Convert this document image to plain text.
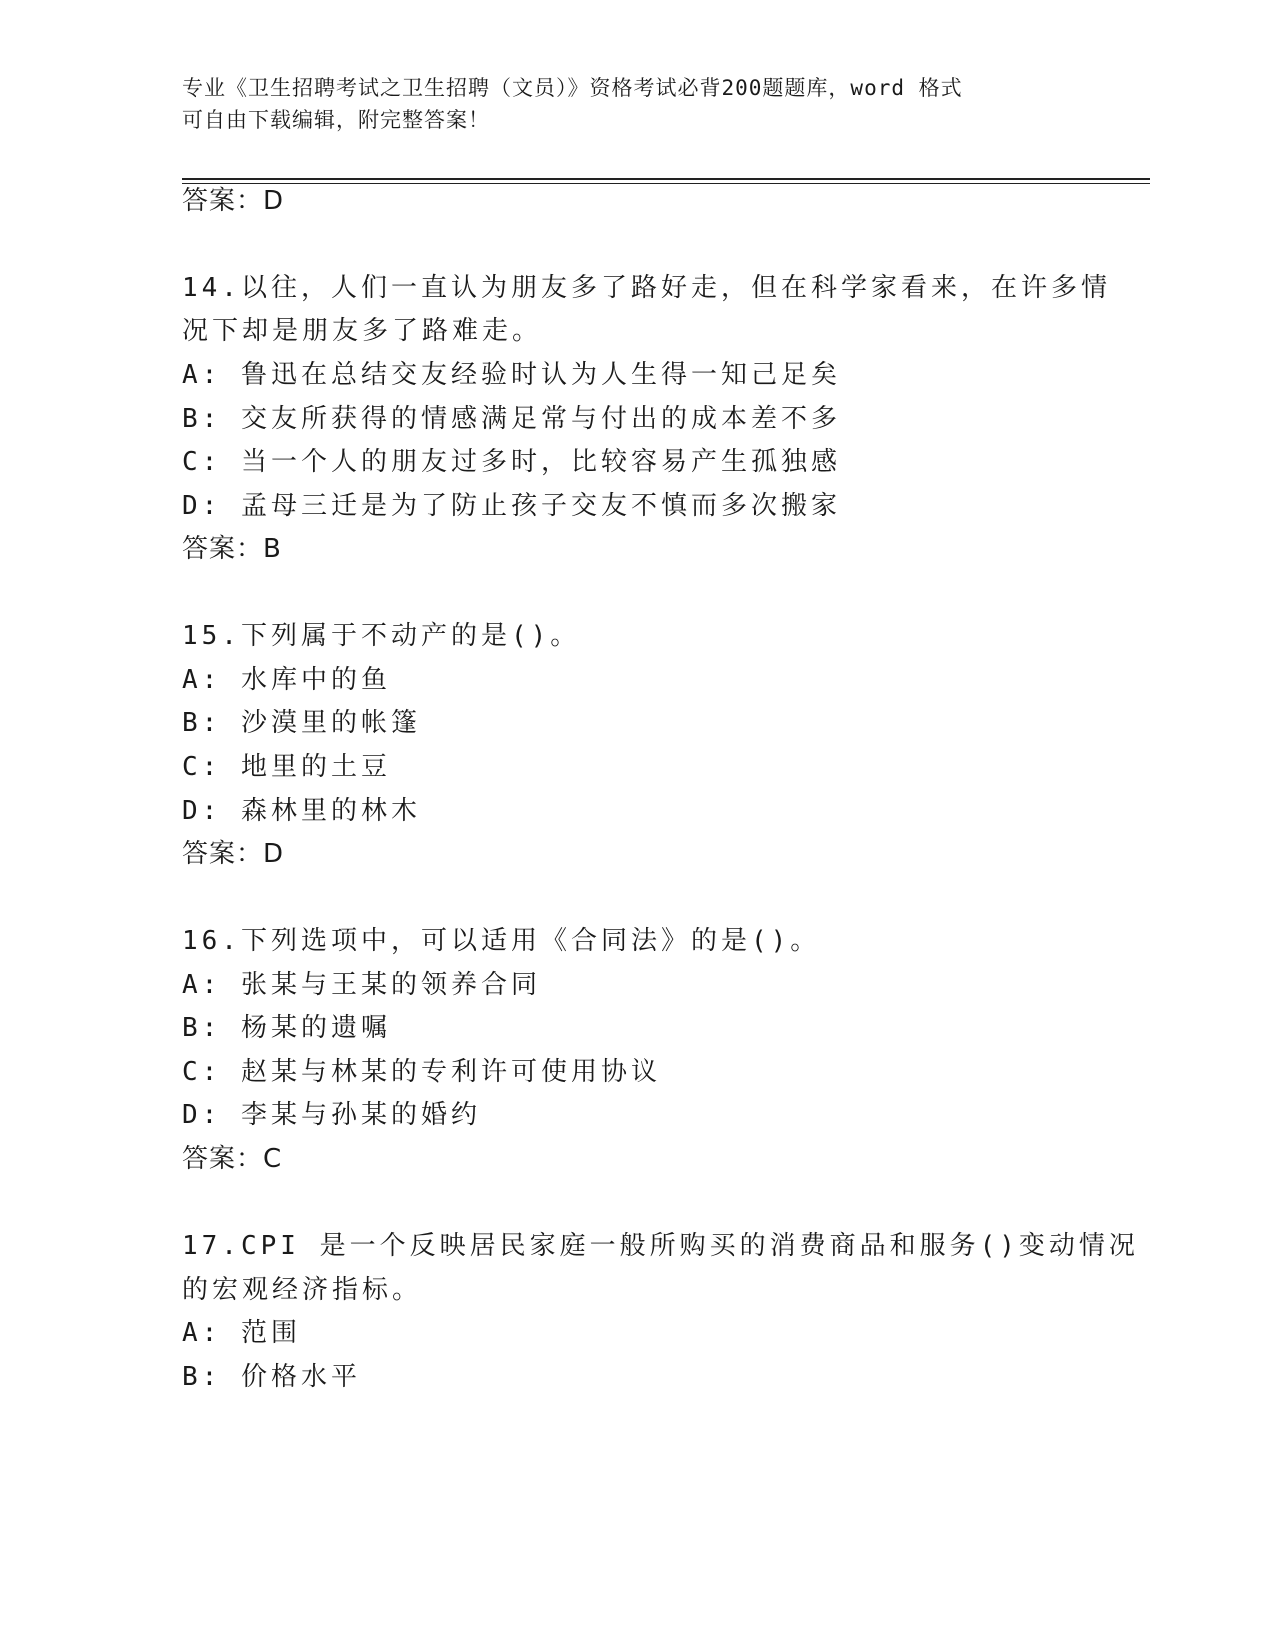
专业《卫生招聘考试之卫生招聘（文员）》资格考试必背200题题库，word 格式
可自由下载编辑，附完整答案！
答案：D
14.以往，人们一直认为朋友多了路好走，但在科学家看来，在许多情
况下却是朋友多了路难走。
A: 鲁迅在总结交友经验时认为人生得一知己足矣
B: 交友所获得的情感满足常与付出的成本差不多
C: 当一个人的朋友过多时，比较容易产生孤独感
D: 孟母三迁是为了防止孩子交友不慎而多次搬家
答案：B
15.下列属于不动产的是()。
A: 水库中的鱼
B: 沙漠里的帐篷
C: 地里的土豆
D: 森林里的林木
答案：D
16.下列选项中，可以适用《合同法》的是()。
A: 张某与王某的领养合同
B: 杨某的遗嘱
C: 赵某与林某的专利许可使用协议
D: 李某与孙某的婚约
答案：C
17.CPI 是一个反映居民家庭一般所购买的消费商品和服务()变动情况
的宏观经济指标。
A: 范围
B: 价格水平
